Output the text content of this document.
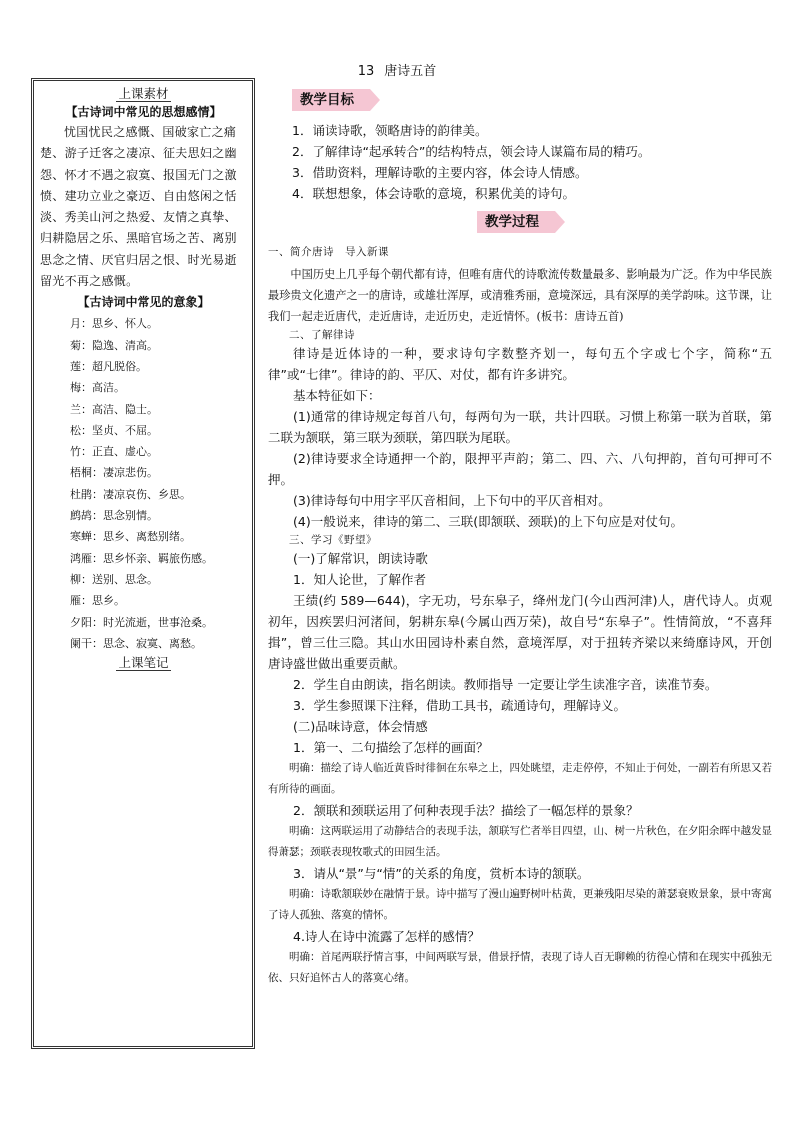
13 唐诗五首
上课素材
【古诗词中常见的思想感情】

忧国忧民之感慨、国破家亡之痛楚、游子迁客之凄凉、征夫思妇之幽怨、怀才不遇之寂寞、报国无门之激愤、建功立业之豪迈、自由悠闲之恬淡、秀美山河之热爱、友情之真挚、归耕隐居之乐、黑暗官场之苦、离别思念之情、厌官归居之恨、时光易逝留光不再之感慨。

【古诗词中常见的意象】
月：思乡、怀人。
菊：隐逸、清高。
莲：超凡脱俗。
梅：高洁。
兰：高洁、隐士。
松：坚贞、不屈。
竹：正直、虚心。
梧桐：凄凉悲伤。
杜鹃：凄凉哀伤、乡思。
鹧鸪：思念别情。
寒蝉：思乡、离愁别绪。
鸿雁：思乡怀亲、羁旅伤感。
柳：送别、思念。
雁：思乡。
夕阳：时光流逝，世事沧桑。
阑干：思念、寂寞、离愁。
上课笔记
教学目标
1．诵读诗歌，领略唐诗的韵律美。
2．了解律诗“起承转合”的结构特点，领会诗人谋篇布局的精巧。
3．借助资料，理解诗歌的主要内容，体会诗人情感。
4．联想想象，体会诗歌的意境，积累优美的诗句。
教学过程
一、简介唐诗　导入新课

中国历史上几乎每个朝代都有诗，但唯有唐代的诗歌流传数量最多、影响最为广泛。作为中华民族最珍贵文化遗产之一的唐诗，或雄壮浑厚，或清雅秀丽，意境深远，具有深厚的美学韵味。这节课，让我们一起走近唐代，走近唐诗，走近历史，走近情怀。(板书：唐诗五首)

二、了解律诗
律诗是近体诗的一种，要求诗句字数整齐划一，每句五个字或七个字，简称“五律”或“七律”。律诗的韵、平仄、对仗，都有许多讲究。
基本特征如下：
(1)通常的律诗规定每首八句，每两句为一联，共计四联。习惯上称第一联为首联，第二联为颔联，第三联为颈联，第四联为尾联。
(2)律诗要求全诗通押一个韵，限押平声韵；第二、四、六、八句押韵，首句可押可不押。
(3)律诗每句中用字平仄音相间，上下句中的平仄音相对。
(4)一般说来，律诗的第二、三联(即颔联、颈联)的上下句应是对仗句。
三、学习《野望》
(一)了解常识，朗读诗歌
1．知人论世，了解作者
王绩(约 589—644)，字无功，号东皋子，绛州龙门(今山西河津)人，唐代诗人。贞观初年，因疾罢归河渚间，躬耕东皋(今属山西万荣)，故自号“东皋子”。性情简放，“不喜拜揖”，曾三仕三隐。其山水田园诗朴素自然，意境浑厚，对于扭转齐梁以来绮靡诗风，开创唐诗盛世做出重要贡献。
2．学生自由朗读，指名朗读。教师指导 一定要让学生读准字音，读准节奏。
3．学生参照课下注释，借助工具书，疏通诗句，理解诗义。
(二)品味诗意，体会情感
1．第一、二句描绘了怎样的画面？
明确：描绘了诗人临近黄昏时徘徊在东皋之上，四处眺望，走走停停，不知止于何处，一副若有所思又若有所待的画面。
2．颔联和颈联运用了何种表现手法？描绘了一幅怎样的景象？
明确：这两联运用了动静结合的表现手法，颔联写伫者举目四望，山、树一片秋色，在夕阳余晖中越发显得萧瑟；颈联表现牧歌式的田园生活。
3．请从“景”与“情”的关系的角度，赏析本诗的颔联。
明确：诗歌颔联妙在融情于景。诗中描写了漫山遍野树叶枯黄，更兼残阳尽染的萧瑟衰败景象，景中寄寓了诗人孤独、落寞的情怀。
4.诗人在诗中流露了怎样的感情？
明确：首尾两联抒情言事，中间两联写景，借景抒情，表现了诗人百无聊赖的彷徨心情和在现实中孤独无依、只好追怀古人的落寞心绪。
